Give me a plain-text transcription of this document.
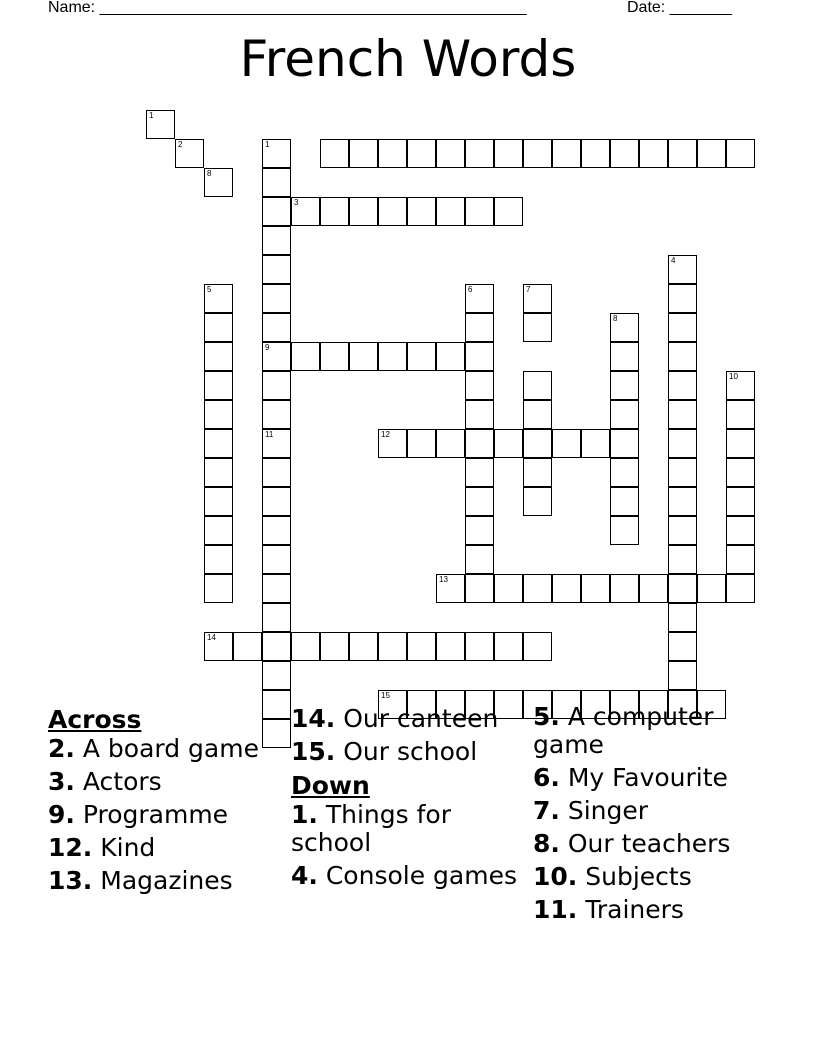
Name: ________________________________________________	Date: _______
French Words
1
2
8
1
3
4
5	6	7
8
9
10
11	12
13
14
15
Across
2. A board game
3. Actors
9. Programme
12. Kind
13. Magazines
14. Our canteen
15. Our school
Down
1. Things for school
4. Console games
5. A computer game
6. My Favourite
7. Singer
8. Our teachers
10. Subjects
11. Trainers
